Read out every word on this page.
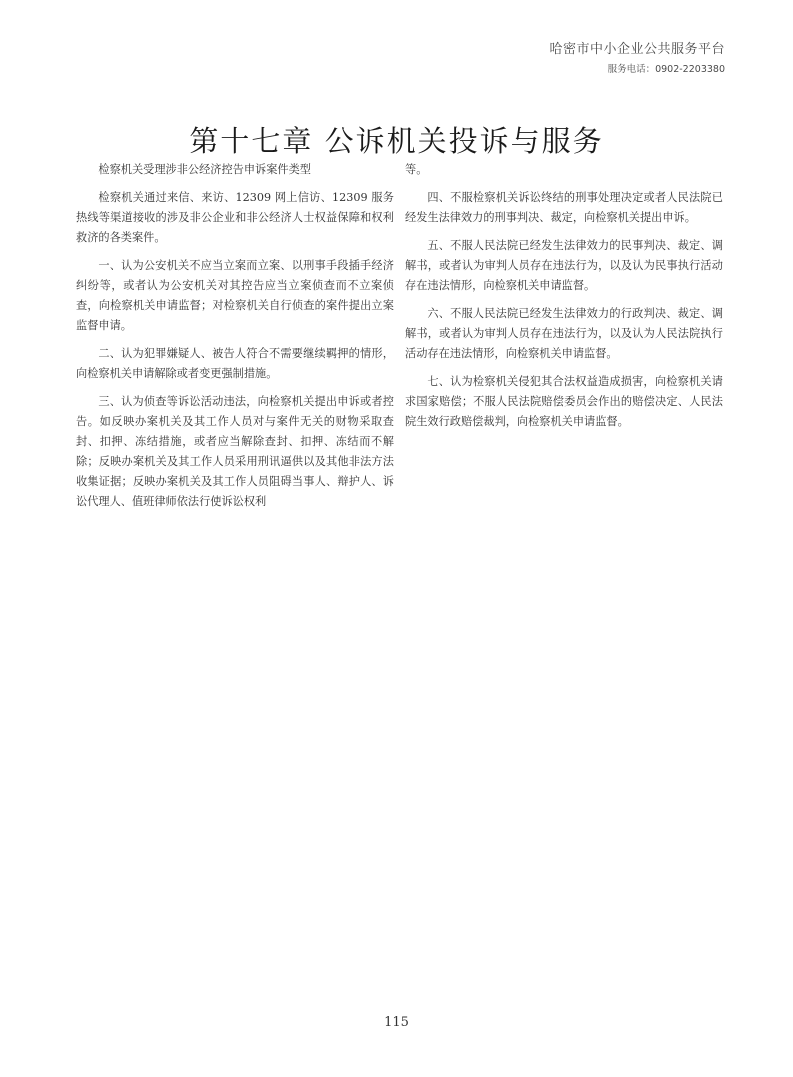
哈密市中小企业公共服务平台
服务电话：0902-2203380
第十七章 公诉机关投诉与服务

检察机关受理涉非公经济控告申诉案件类型

检察机关通过来信、来访、12309 网上信访、12309 服务热线等渠道接收的涉及非公企业和非公经济人士权益保障和权利救济的各类案件。

一、认为公安机关不应当立案而立案、以刑事手段插手经济纠纷等，或者认为公安机关对其控告应当立案侦查而不立案侦查，向检察机关申请监督；对检察机关自行侦查的案件提出立案监督申请。

二、认为犯罪嫌疑人、被告人符合不需要继续羁押的情形，向检察机关申请解除或者变更强制措施。

三、认为侦查等诉讼活动违法，向检察机关提出申诉或者控告。如反映办案机关及其工作人员对与案件无关的财物采取查封、扣押、冻结措施，或者应当解除查封、扣押、冻结而不解除；反映办案机关及其工作人员采用刑讯逼供以及其他非法方法收集证据；反映办案机关及其工作人员阻碍当事人、辩护人、诉讼代理人、值班律师依法行使诉讼权利

等。

四、不服检察机关诉讼终结的刑事处理决定或者人民法院已经发生法律效力的刑事判决、裁定，向检察机关提出申诉。

五、不服人民法院已经发生法律效力的民事判决、裁定、调解书，或者认为审判人员存在违法行为，以及认为民事执行活动存在违法情形，向检察机关申请监督。

六、不服人民法院已经发生法律效力的行政判决、裁定、调解书，或者认为审判人员存在违法行为，以及认为人民法院执行活动存在违法情形，向检察机关申请监督。

七、认为检察机关侵犯其合法权益造成损害，向检察机关请求国家赔偿；不服人民法院赔偿委员会作出的赔偿决定、人民法院生效行政赔偿裁判，向检察机关申请监督。

115
